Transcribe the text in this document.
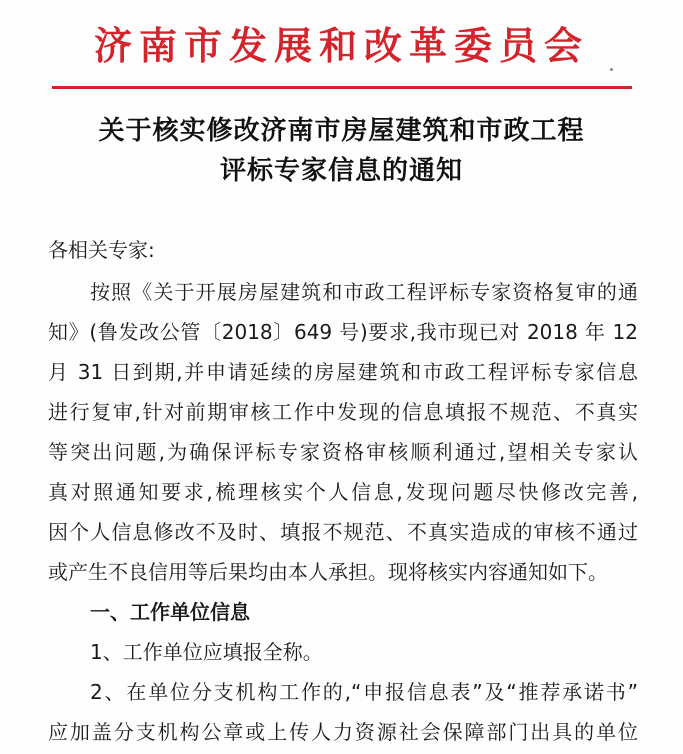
济南市发展和改革委员会
关于核实修改济南市房屋建筑和市政工程
评标专家信息的通知
各相关专家:
按照《关于开展房屋建筑和市政工程评标专家资格复审的通
知》(鲁发改公管〔2018〕649 号)要求,我市现已对 2018 年 12
月 31 日到期,并申请延续的房屋建筑和市政工程评标专家信息
进行复审,针对前期审核工作中发现的信息填报不规范、不真实
等突出问题,为确保评标专家资格审核顺利通过,望相关专家认
真对照通知要求,梳理核实个人信息,发现问题尽快修改完善,
因个人信息修改不及时、填报不规范、不真实造成的审核不通过
或产生不良信用等后果均由本人承担。现将核实内容通知如下。
一、工作单位信息
1、工作单位应填报全称。
2、在单位分支机构工作的,“申报信息表”及“推荐承诺书”
应加盖分支机构公章或上传人力资源社会保障部门出具的单位
